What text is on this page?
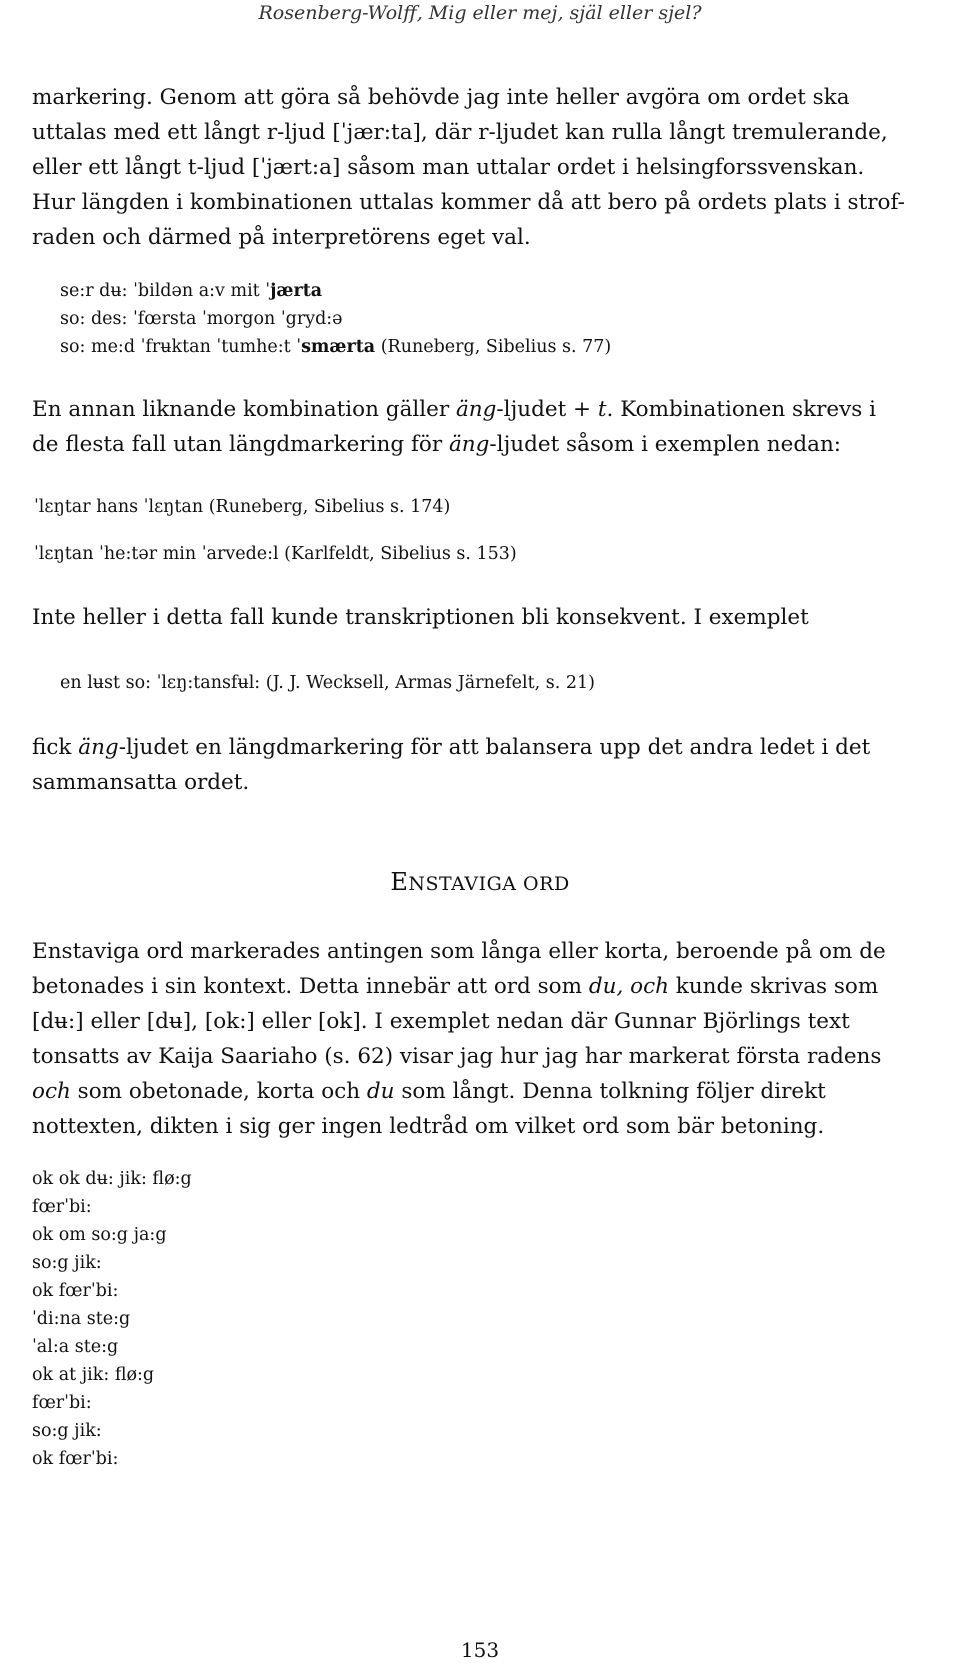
Rosenberg-Wolff, Mig eller mej, själ eller sjel?
markering. Genom att göra så behövde jag inte heller avgöra om ordet ska
uttalas med ett långt r-ljud [ˈjær:ta], där r-ljudet kan rulla långt tremulerande,
eller ett långt t-ljud [ˈjært:a] såsom man uttalar ordet i helsingforssvenskan.
Hur längden i kombinationen uttalas kommer då att bero på ordets plats i strof-
raden och därmed på interpretörens eget val.
se:r dʉ: ˈbildən a:v mit ˈjærta
so: des: ˈfœrsta ˈmorgon ˈgryd:ə
so: me:d ˈfrʉktan ˈtumhe:t ˈsmærta (Runeberg, Sibelius s. 77)
En annan liknande kombination gäller äng-ljudet + t. Kombinationen skrevs i
de flesta fall utan längdmarkering för äng-ljudet såsom i exemplen nedan:
ˈlɛŋtar hans ˈlɛŋtan (Runeberg, Sibelius s. 174)
ˈlɛŋtan ˈhe:tər min ˈarvede:l (Karlfeldt, Sibelius s. 153)
Inte heller i detta fall kunde transkriptionen bli konsekvent. I exemplet
en lʉst so: ˈlɛŋ:tansfʉl: (J. J. Wecksell, Armas Järnefelt, s. 21)
fick äng-ljudet en längdmarkering för att balansera upp det andra ledet i det
sammansatta ordet.
ENSTAVIGA ORD
Enstaviga ord markerades antingen som långa eller korta, beroende på om de
betonades i sin kontext. Detta innebär att ord som du, och kunde skrivas som
[dʉ:] eller [dʉ], [ok:] eller [ok]. I exemplet nedan där Gunnar Björlings text
tonsatts av Kaija Saariaho (s. 62) visar jag hur jag har markerat första radens
och som obetonade, korta och du som långt. Denna tolkning följer direkt
nottexten, dikten i sig ger ingen ledtråd om vilket ord som bär betoning.
ok ok dʉ: jik: flø:g
fœrˈbi:
ok om so:g ja:g
so:g jik:
ok fœrˈbi:
ˈdi:na ste:g
ˈal:a ste:g
ok at jik: flø:g
fœrˈbi:
so:g jik:
ok fœrˈbi:
153
